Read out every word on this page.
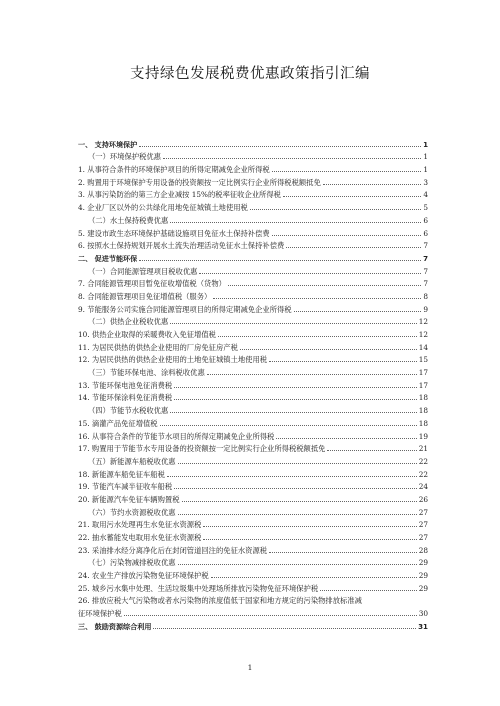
支持绿色发展税费优惠政策指引汇编
一、 支持环境保护	1
（一）环境保护税优惠	1
1. 从事符合条件的环境保护项目的所得定期减免企业所得税	1
2. 购置用于环境保护专用设备的投资额按一定比例实行企业所得税税额抵免	3
3. 从事污染防治的第三方企业减按 15%的税率征收企业所得税	4
4. 企业厂区以外的公共绿化用地免征城镇土地使用税	5
（二）水土保持税费优惠	6
5. 建设市政生态环境保护基础设施项目免征水土保持补偿费	6
6. 按照水土保持规划开展水土流失治理活动免征水土保持补偿费	7
二、 促进节能环保	7
（一）合同能源管理项目税收优惠	7
7. 合同能源管理项目暂免征收增值税（货物）	7
8. 合同能源管理项目免征增值税（服务）	8
9. 节能服务公司实施合同能源管理项目的所得定期减免企业所得税	9
（二）供热企业税收优惠	12
10. 供热企业取得的采暖费收入免征增值税	12
11. 为居民供热的供热企业使用的厂房免征房产税	14
12. 为居民供热的供热企业使用的土地免征城镇土地使用税	15
（三）节能环保电池、涂料税收优惠	17
13. 节能环保电池免征消费税	17
14. 节能环保涂料免征消费税	18
（四）节能节水税收优惠	18
15. 滴灌产品免征增值税	18
16. 从事符合条件的节能节水项目的所得定期减免企业所得税	19
17. 购置用于节能节水专用设备的投资额按一定比例实行企业所得税税额抵免	21
（五）新能源车船税收优惠	22
18. 新能源车船免征车船税	22
19. 节能汽车减半征收车船税	24
20. 新能源汽车免征车辆购置税	26
（六）节约水资源税收优惠	27
21. 取用污水处理再生水免征水资源税	27
22. 抽水蓄能发电取用水免征水资源税	27
23. 采油排水经分离净化后在封闭管道回注的免征水资源税	28
（七）污染物减排税收优惠	29
24. 农业生产排放污染物免征环境保护税	29
25. 城乡污水集中处理、生活垃圾集中处理场所排放污染物免征环境保护税	29
26. 排放应税大气污染物或者水污染物的浓度值低于国家和地方规定的污染物排放标准减
征环境保护税	30
三、 鼓励资源综合利用	31
1
